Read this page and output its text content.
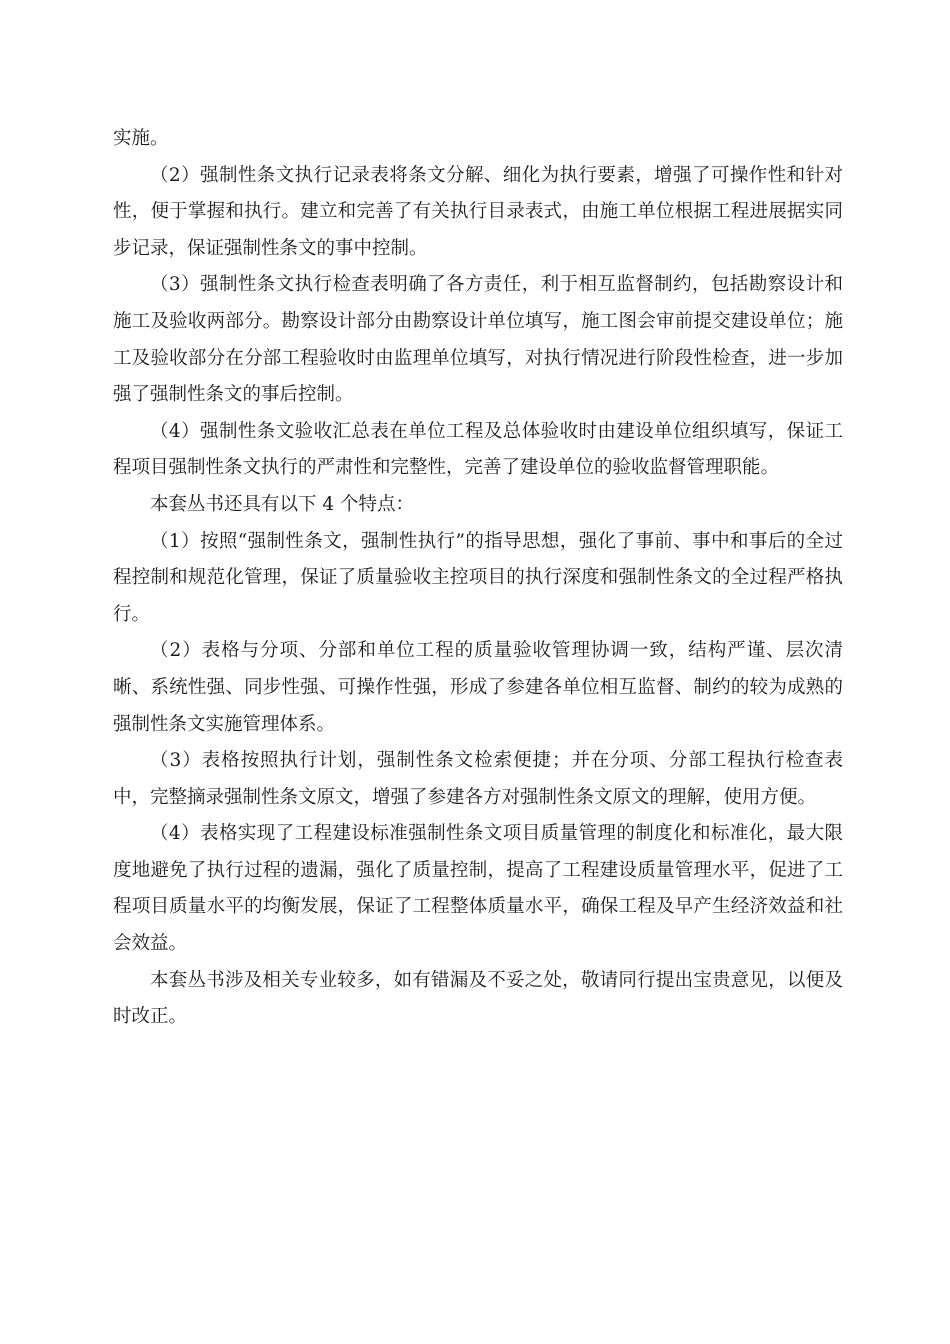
实施。

（2）强制性条文执行记录表将条文分解、细化为执行要素，增强了可操作性和针对性，便于掌握和执行。建立和完善了有关执行目录表式，由施工单位根据工程进展据实同步记录，保证强制性条文的事中控制。

（3）强制性条文执行检查表明确了各方责任，利于相互监督制约，包括勘察设计和施工及验收两部分。勘察设计部分由勘察设计单位填写，施工图会审前提交建设单位；施工及验收部分在分部工程验收时由监理单位填写，对执行情况进行阶段性检查，进一步加强了强制性条文的事后控制。

（4）强制性条文验收汇总表在单位工程及总体验收时由建设单位组织填写，保证工程项目强制性条文执行的严肃性和完整性，完善了建设单位的验收监督管理职能。

本套丛书还具有以下 4 个特点：

（1）按照“强制性条文，强制性执行”的指导思想，强化了事前、事中和事后的全过程控制和规范化管理，保证了质量验收主控项目的执行深度和强制性条文的全过程严格执行。

（2）表格与分项、分部和单位工程的质量验收管理协调一致，结构严谨、层次清晰、系统性强、同步性强、可操作性强，形成了参建各单位相互监督、制约的较为成熟的强制性条文实施管理体系。

（3）表格按照执行计划，强制性条文检索便捷；并在分项、分部工程执行检查表中，完整摘录强制性条文原文，增强了参建各方对强制性条文原文的理解，使用方便。

（4）表格实现了工程建设标准强制性条文项目质量管理的制度化和标准化，最大限度地避免了执行过程的遗漏，强化了质量控制，提高了工程建设质量管理水平，促进了工程项目质量水平的均衡发展，保证了工程整体质量水平，确保工程及早产生经济效益和社会效益。

本套丛书涉及相关专业较多，如有错漏及不妥之处，敬请同行提出宝贵意见，以便及时改正。
